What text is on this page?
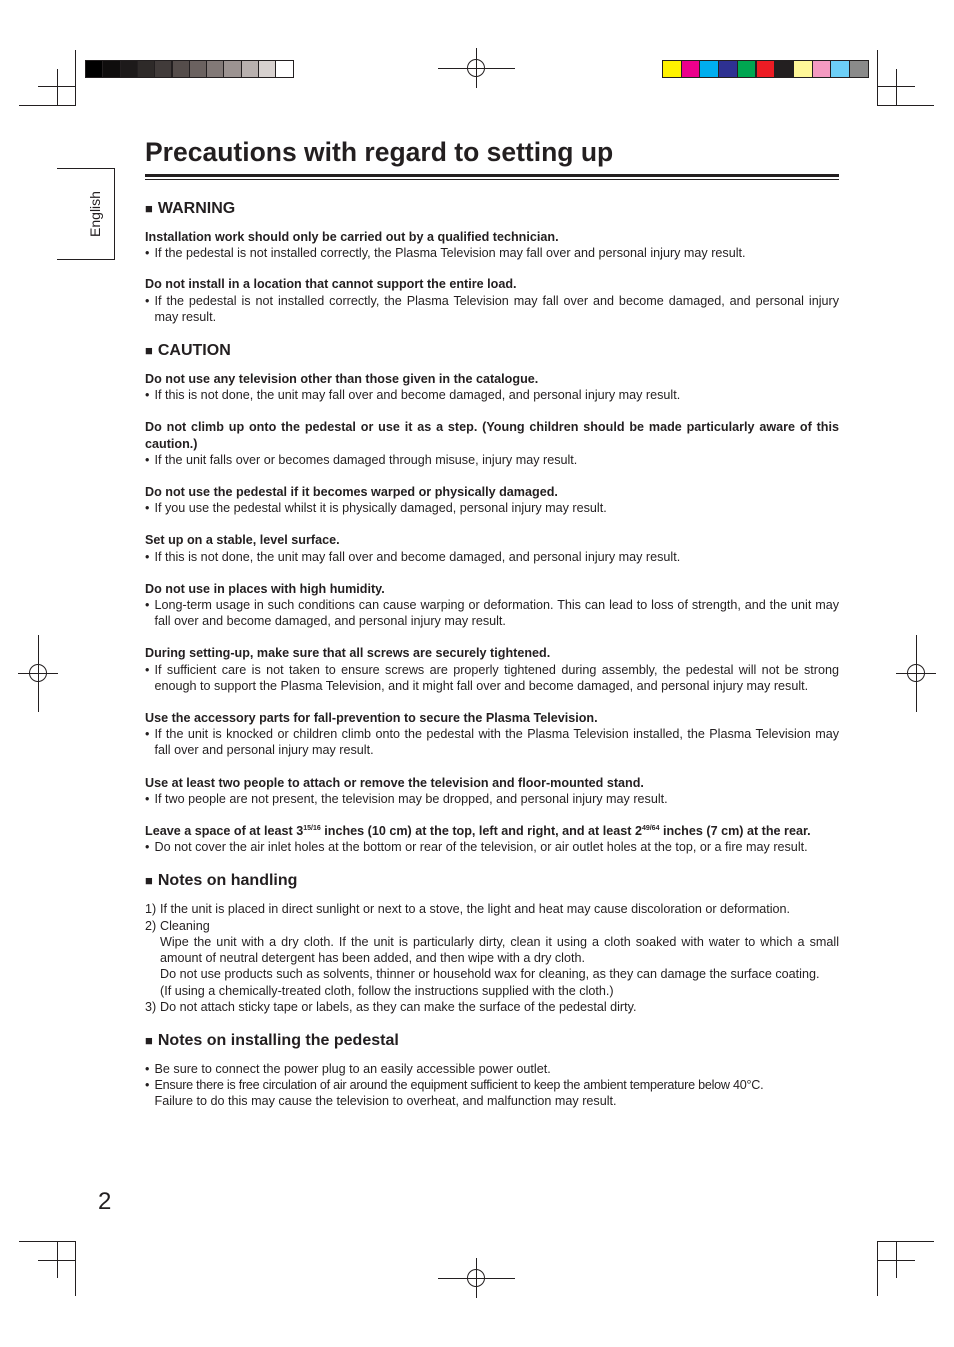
English
Precautions with regard to setting up
■ WARNING

Installation work should only be carried out by a qualified technician.

• If the pedestal is not installed correctly, the Plasma Television may fall over and personal injury may result.

Do not install in a location that cannot support the entire load.

• If the pedestal is not installed correctly, the Plasma Television may fall over and become damaged, and personal injury may result.
■ CAUTION

Do not use any television other than those given in the catalogue.

• If this is not done, the unit may fall over and become damaged, and personal injury may result.

Do not climb up onto the pedestal or use it as a step. (Young children should be made particularly aware of this caution.)

• If the unit falls over or becomes damaged through misuse, injury may result.

Do not use the pedestal if it becomes warped or physically damaged.

• If you use the pedestal whilst it is physically damaged, personal injury may result.

Set up on a stable, level surface.

• If this is not done, the unit may fall over and become damaged, and personal injury may result.

Do not use in places with high humidity.

• Long-term usage in such conditions can cause warping or deformation. This can lead to loss of strength, and the unit may fall over and become damaged, and personal injury may result.

During setting-up, make sure that all screws are securely tightened.

• If sufficient care is not taken to ensure screws are properly tightened during assembly, the pedestal will not be strong enough to support the Plasma Television, and it might fall over and become damaged, and personal injury may result.

Use the accessory parts for fall-prevention to secure the Plasma Television.

• If the unit is knocked or children climb onto the pedestal with the Plasma Television installed, the Plasma Television may fall over and personal injury may result.

Use at least two people to attach or remove the television and floor-mounted stand.

• If two people are not present, the television may be dropped, and personal injury may result.

Leave a space of at least $3^{15/16}$ inches (10 cm) at the top, left and right, and at least $2^{49/64}$ inches (7 cm) at the rear.

• Do not cover the air inlet holes at the bottom or rear of the television, or air outlet holes at the top, or a fire may result.
■ Notes on handling
1) If the unit is placed in direct sunlight or next to a stove, the light and heat may cause discoloration or deformation.
2) Cleaning

Wipe the unit with a dry cloth. If the unit is particularly dirty, clean it using a cloth soaked with water to which a small amount of neutral detergent has been added, and then wipe with a dry cloth.

Do not use products such as solvents, thinner or household wax for cleaning, as they can damage the surface coating.

(If using a chemically-treated cloth, follow the instructions supplied with the cloth.)

3) Do not attach sticky tape or labels, as they can make the surface of the pedestal dirty.
■ Notes on installing the pedestal
• Be sure to connect the power plug to an easily accessible power outlet.
• Ensure there is free circulation of air around the equipment sufficient to keep the ambient temperature below 40°C.

Failure to do this may cause the television to overheat, and malfunction may result.

2
